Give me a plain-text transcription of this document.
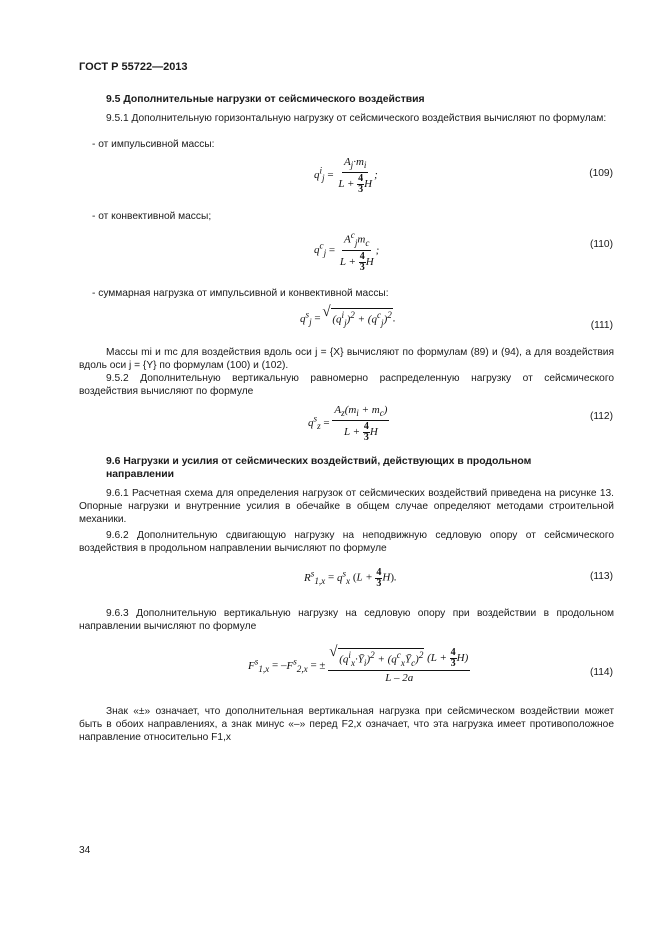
ГОСТ Р 55722—2013
9.5 Дополнительные нагрузки от сейсмического воздействия
9.5.1 Дополнительную горизонтальную нагрузку от сейсмического воздействия вычисляют по формулам:
- от импульсивной массы:
$q^i_j = \frac{A_j\cdot m_i}{L + \frac{4}{3} H}$ ;	(109)
- от конвективной массы;
$q^c_j = \frac{A^c_jm_c}{L + \frac{4}{3} H}$ ;	(110)
- суммарная нагрузка от импульсивной и конвективной массы:
$q^s_j$ = √ $(q^i_j)^2 + (q^c_j)^2$.
(111)
Массы mi и mc для воздействия вдоль оси j = {X} вычисляют по формулам (89) и (94), а для воздействия вдоль оси j = {Y} по формулам (100) и (102).
9.5.2 Дополнительную вертикальную равномерно распределенную нагрузку от сейсмического воздействия вычисляют по формуле
$q^s_z = \frac{A_z(m_i + m_c)}{L + \frac{4}{3} H}$	(112)
9.6 Нагрузки и усилия от сейсмических воздействий, действующих в продольном направлении
9.6.1 Расчетная схема для определения нагрузок от сейсмических воздействий приведена на рисунке 13. Опорные нагрузки и внутренние усилия в обечайке в общем случае определяют методами строительной механики.
9.6.2 Дополнительную сдвигающую нагрузку на неподвижную седловую опору от сейсмического воздействия в продольном направлении вычисляют по формуле
$R^s_{1,x} = q^s_x$ $(L + \frac{4}{3} H)$.	(113)
9.6.3 Дополнительную вертикальную нагрузку на седловую опору при воздействии в продольном направлении вычисляют по формуле
$F^s_{1,x} = -F^s_{2,x}$ = ±
√ $\frac{(q^i_x\cdot Ȳ_i)^2 + (q^c_xȲ_c)^2 (L + \frac{4}{3} H)}{L - 2a}$	(114)
Знак «±» означает, что дополнительная вертикальная нагрузка при сейсмическом воздействии может быть в обоих направлениях, а знак минус «–» перед F2,x означает, что эта нагрузка имеет противоположное направление относительно F1,x
34
